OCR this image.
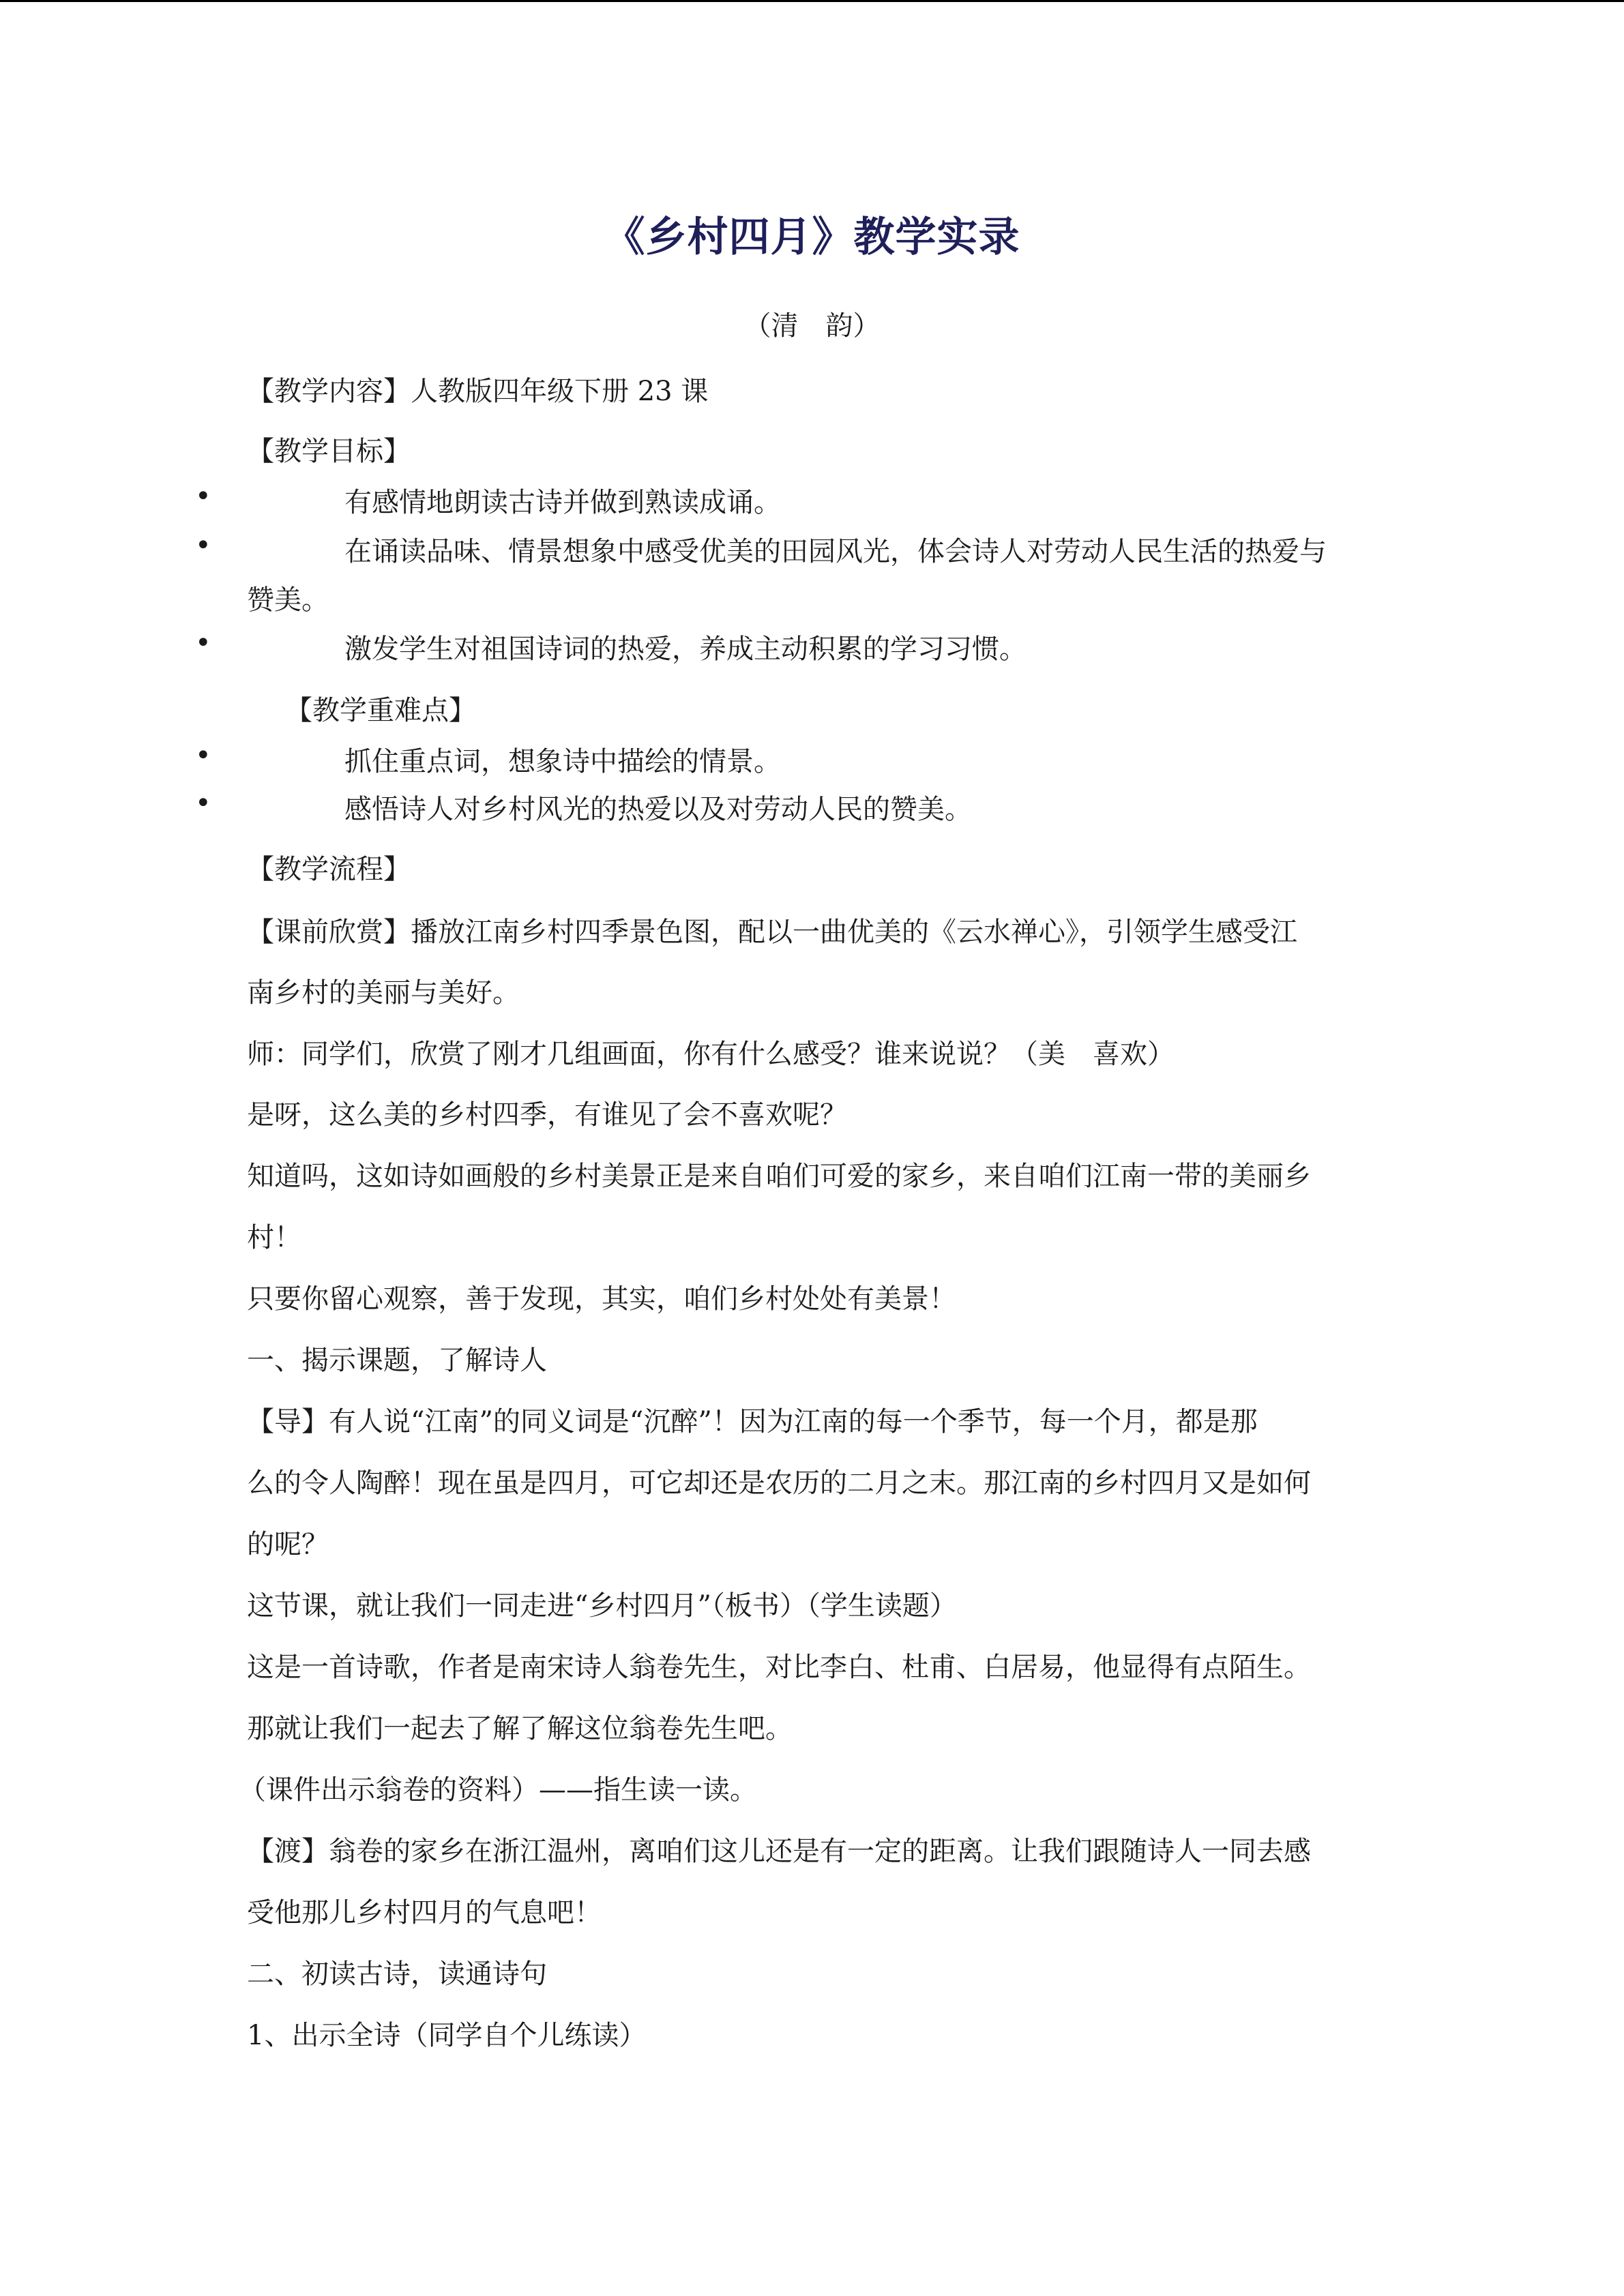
《乡村四月》教学实录
（清　韵）
【教学内容】人教版四年级下册 23 课
【教学目标】
•	有感情地朗读古诗并做到熟读成诵。
•	在诵读品味、情景想象中感受优美的田园风光，体会诗人对劳动人民生活的热爱与
赞美。
•	激发学生对祖国诗词的热爱，养成主动积累的学习习惯。
【教学重难点】
•	抓住重点词，想象诗中描绘的情景。
•	感悟诗人对乡村风光的热爱以及对劳动人民的赞美。
【教学流程】
【课前欣赏】播放江南乡村四季景色图，配以一曲优美的《云水禅心》，引领学生感受江
南乡村的美丽与美好。
师：同学们，欣赏了刚才几组画面，你有什么感受？谁来说说？（美　喜欢）
是呀，这么美的乡村四季，有谁见了会不喜欢呢？
知道吗，这如诗如画般的乡村美景正是来自咱们可爱的家乡，来自咱们江南一带的美丽乡
村！
只要你留心观察，善于发现，其实，咱们乡村处处有美景！
一、揭示课题，了解诗人
【导】有人说“江南”的同义词是“沉醉”！因为江南的每一个季节，每一个月，都是那
么的令人陶醉！现在虽是四月，可它却还是农历的二月之末。那江南的乡村四月又是如何
的呢？
这节课，就让我们一同走进“乡村四月”（板书）（学生读题）
这是一首诗歌，作者是南宋诗人翁卷先生，对比李白、杜甫、白居易，他显得有点陌生。
那就让我们一起去了解了解这位翁卷先生吧。
（课件出示翁卷的资料）——指生读一读。
【渡】翁卷的家乡在浙江温州，离咱们这儿还是有一定的距离。让我们跟随诗人一同去感
受他那儿乡村四月的气息吧！
二、初读古诗，读通诗句
1、出示全诗（同学自个儿练读）
